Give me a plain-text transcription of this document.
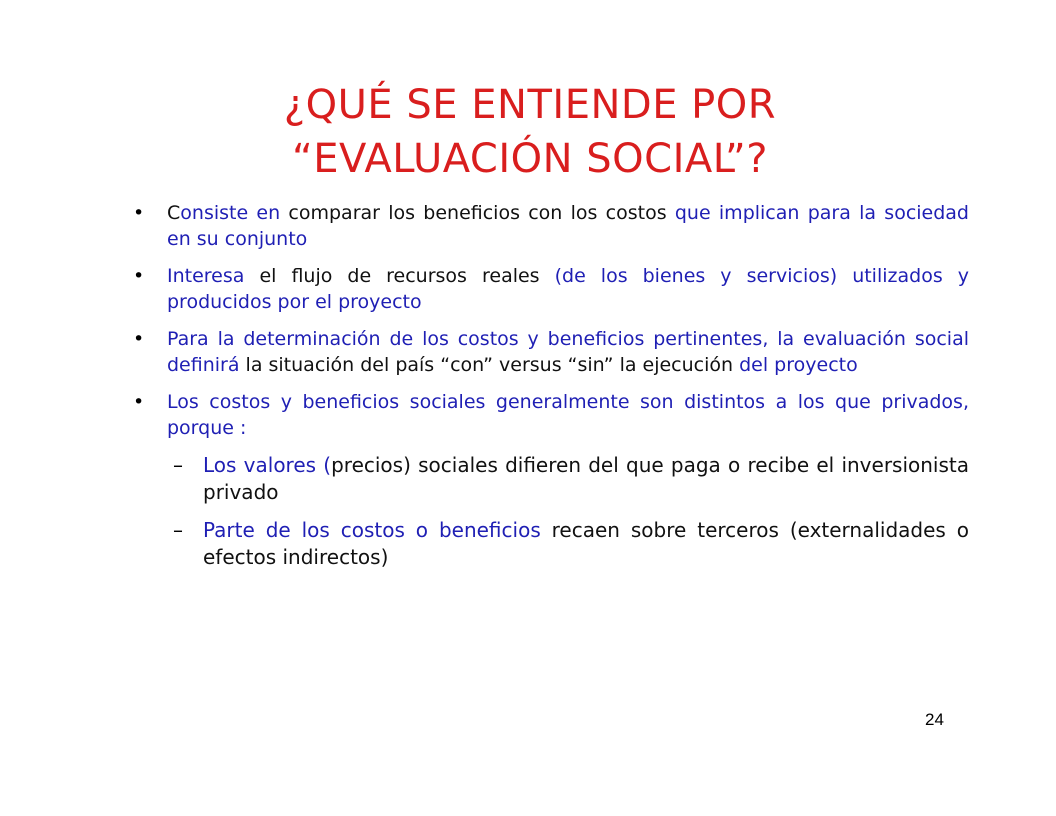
¿QUÉ SE ENTIENDE POR
“EVALUACIÓN SOCIAL”?
•	Consiste en comparar los beneficios con los costos que implican para la sociedad en su conjunto
•	Interesa el flujo de recursos reales (de los bienes y servicios) utilizados y producidos por el proyecto
•	Para la determinación de los costos y beneficios pertinentes, la evaluación social definirá la situación del país “con” versus “sin” la ejecución del proyecto
•	Los costos y beneficios sociales generalmente son distintos a los que privados, porque :
– Los valores (precios) sociales difieren del que paga o recibe el inversionista privado
– Parte de los costos o beneficios recaen sobre terceros (externalidades o efectos indirectos)
24
